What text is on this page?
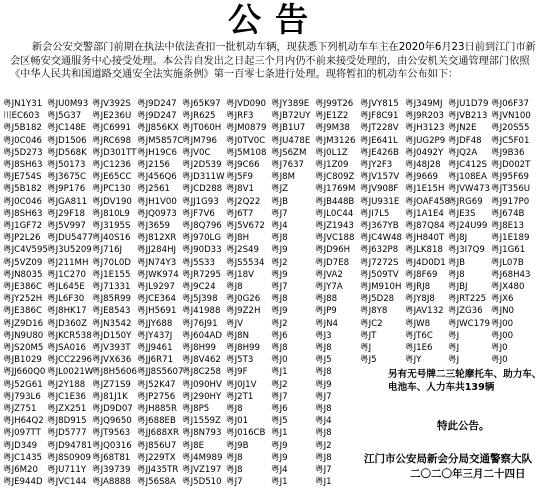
公告

新会公安交警部门前期在执法中依法查扣一批机动车辆，现获悉下列机动车车主在2020年6月23日前到江门市新会区畅安交通服务中心接受处理。本公告自发出之日起三个月内仍不前来接受处理的，由公安机关交通管理部门依照《中华人民共和国道路交通安全法实施条例》第一百零七条进行处理。现将暂扣的机动车公布如下：

粤JN1Y31
川EC603
粤J5B182
粤J0C046
粤J5D273
粤J8SH63
粤JE754S
粤J5B182
粤J0C046
粤J8SH63
粤J1GF72
粤JP2L26
粤JC4V595
粤J5VZ09
粤JN8035
粤JE386C
粤JY252H
粤JE386C
粤JZ9D16
粤JN9U80
粤JS20M5
粤JB1029
粤JJ660Q0
粤J52G61
粤J793L6
粤JZ751
粤JH64Q2
粤J097TT
粤JD349
粤JC1435
粤J6M20
粤JE944D
粤JU0M93
粤J5G37
粤JC148E
粤JD1506
粤JD568K
粤J50173
粤J3675C
粤J9P176
粤JGA811
粤J29F18
粤J5V997
粤JDU5477
粤J3U5209
粤J211MH
粤J1C270
粤JL645E
粤JL6F30
粤J8HK17
粤JD360Z
粤JKCR538
粤JSA016
粤JCC2296
粤JL0021W
粤J2Y188
粤JC1E36
粤JZX251
粤J8D915
粤JD5777
粤JD94781
粤J8S0909
粤JU711Y
粤JVC144
粤JV392S
粤JE236U
粤JC6991
粤JRC698
粤JD301TT
粤JC1236
粤JE65CC
粤JPC130
粤JDV190
粤J810L9
粤J3195S
粤J40S16
粤J716J
粤J70L0D
粤J1E155
粤J71331
粤J85R99
粤JE8543
粤JN3542
粤JD150Y
粤JV393T
粤JVX636
粤J8H5606
粤JZ71S9
粤J81J1K
粤JD9D07
粤JQ9650
粤JT9563
粤JQ0316
粤J68T81
粤J39739
粤JA8888
粤J9D247
粤J9D247
粤JJ856KX
粤JM5857C
粤JH19C6
粤J2156
粤J456Q6
粤J2561
粤JH1V00
粤JQ0973
粤J3659
粤J812XR
粤JJ284HJ
粤JN74Y3
粤JWK974
粤JL9297
粤JCE364
粤JH5691
粤JJY688
粤JY437J
粤JJ9461
粤JJ6R71
粤JJ8S5607
粤J52K47
粤JP2756
粤JH885R
粤J688EB
粤JJ688XR
粤J856U7
粤J229TX
粤JJ435TR
粤J56S8A
粤J65K97
粤JR625
粤JT060H
粤JM796
粤JV0C
粤J2D539
粤JD311W
粤JCD288
粤JJ1G93
粤JF7V6
粤J8Q796
粤J970LG
粤J90D33
粤J5S33
粤JR7295
粤J9C24
粤J5J398
粤J41988
粤J76J91
粤J604AD
粤J8H99
粤J8V462
粤J8C258
粤J090HV
粤J290HY
粤J8P5
粤J1559Z
粤J8N793
粤J8E
粤J4M989
粤JVZ197
粤J5D510
粤JVD090
粤JRF3
粤JM0879
粤J0TV0C
粤J5M108
粤J9C66
粤J5F9
粤J8V1
粤J2Q22
粤J6T7
粤J5V672
粤J8H
粤J2S49
粤JS5534
粤J18V
粤J8
粤J0G26
粤J9Z2H
粤JV
粤J8N
粤J8H99
粤J5T3
粤J9F
粤J0J1V
粤J2T1
粤J8
粤J01
粤J016CB
粤J9B
粤J8
粤J8
粤J7
粤JY389E
粤JB72UY
粤JB1U7
粤JU478E
粤JS6ZM
粤J7637
粤J8M
粤JZ
粤JB
粤J7
粤J4
粤J8
粤J9
粤J2
粤J9
粤J7
粤J8
粤J9
粤J2
粤J6
粤J8
粤J0
粤J1
粤J2
粤J7
粤J6
粤J5
粤J1
粤J9
粤J9
粤J4
粤J1
粤J99T26
粤JE1Z2
粤J9M38
粤JM3126
粤J0L1Z
粤J1Z09
粤JC809Z
粤J1769M
粤JB448B
粤JL0C44
粤JZ1943
粤JVC188
粤JD96H
粤JD7E8
粤JVA2
粤JY7A
粤J88
粤JP9
粤JN4
粤J3
粤J8
粤J5
粤J8
粤J9
粤J7
粤J8
粤J4
粤J8
粤J2
粤J8
粤J7
粤J1
粤JVY815
粤JF8C91
粤JT228V
粤JE641L
粤JE426B
粤JY2F3
粤JV157V
粤JV908F
粤JU931E
粤JI7L5
粤J367YB
粤JC4W48
粤J632P8
粤J7272S
粤J509TV
粤JM910H
粤J5D28
粤J8Y8
粤JC2
粤JT
粤J
粤J5
粤J349MJ
粤J9R203
粤JH3123
粤JUG2P9
粤J0492Y
粤J48J28
粤J9669
粤J1E15H
粤JOAF458
粤J1A1E4
粤J87Q84
粤JH840T
粤JLK818
粤J4D0D1
粤J8F69
粤JRJ8
粤JY8J8
粤JAV132
粤JW8
粤JT6C
粤J1E6
粤JY
粤JU1D79
粤JVB213
粤JN2E
粤JDF48
粤JQ2A
粤JC412S
粤J108EA
粤JVW473
粤JRG69
粤JE3S
粤J24U99
粤J8J
粤J3I7Q9
粤JB
粤J8
粤JBJ
粤JRT225
粤JZG36
粤JWC179
粤J
粤J
粤J
粤J06F37
粤JVN100
粤J20S55
粤JC5F01
粤J9B36
粤JD002T
粤J95F69
粤JT356U
粤J917P0
粤J674B
粤J8E13
粤J1E189
粤J1G61
粤JL07B
粤J68H43
粤JX480
粤JX6
粤JN0
粤J00
粤J00
粤J0
粤J0
另有无号牌二三轮摩托车、助力车、电池车、人力车共139辆
特此公告。
江门市公安局新会分局交通警察大队
二〇二〇年三月二十四日
